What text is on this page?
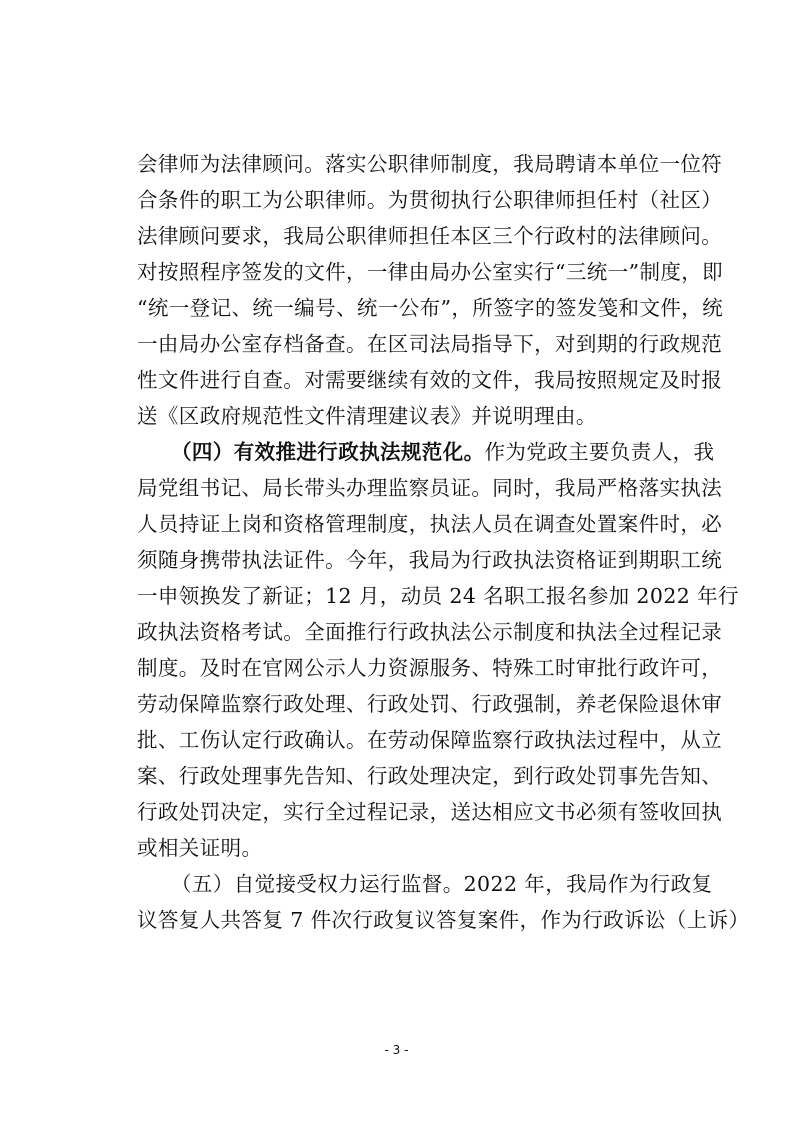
会律师为法律顾问。落实公职律师制度，我局聘请本单位一位符
合条件的职工为公职律师。为贯彻执行公职律师担任村（社区）
法律顾问要求，我局公职律师担任本区三个行政村的法律顾问。
对按照程序签发的文件，一律由局办公室实行“三统一”制度，即
“统一登记、统一编号、统一公布”，所签字的签发笺和文件，统
一由局办公室存档备查。在区司法局指导下，对到期的行政规范
性文件进行自查。对需要继续有效的文件，我局按照规定及时报
送《区政府规范性文件清理建议表》并说明理由。
（四）有效推进行政执法规范化。作为党政主要负责人，我
局党组书记、局长带头办理监察员证。同时，我局严格落实执法
人员持证上岗和资格管理制度，执法人员在调查处置案件时，必
须随身携带执法证件。今年，我局为行政执法资格证到期职工统
一申领换发了新证；12 月，动员 24 名职工报名参加 2022 年行
政执法资格考试。全面推行行政执法公示制度和执法全过程记录
制度。及时在官网公示人力资源服务、特殊工时审批行政许可，
劳动保障监察行政处理、行政处罚、行政强制，养老保险退休审
批、工伤认定行政确认。在劳动保障监察行政执法过程中，从立
案、行政处理事先告知、行政处理决定，到行政处罚事先告知、
行政处罚决定，实行全过程记录，送达相应文书必须有签收回执
或相关证明。
（五）自觉接受权力运行监督。2022 年，我局作为行政复
议答复人共答复 7 件次行政复议答复案件，作为行政诉讼（上诉）
- 3 -
